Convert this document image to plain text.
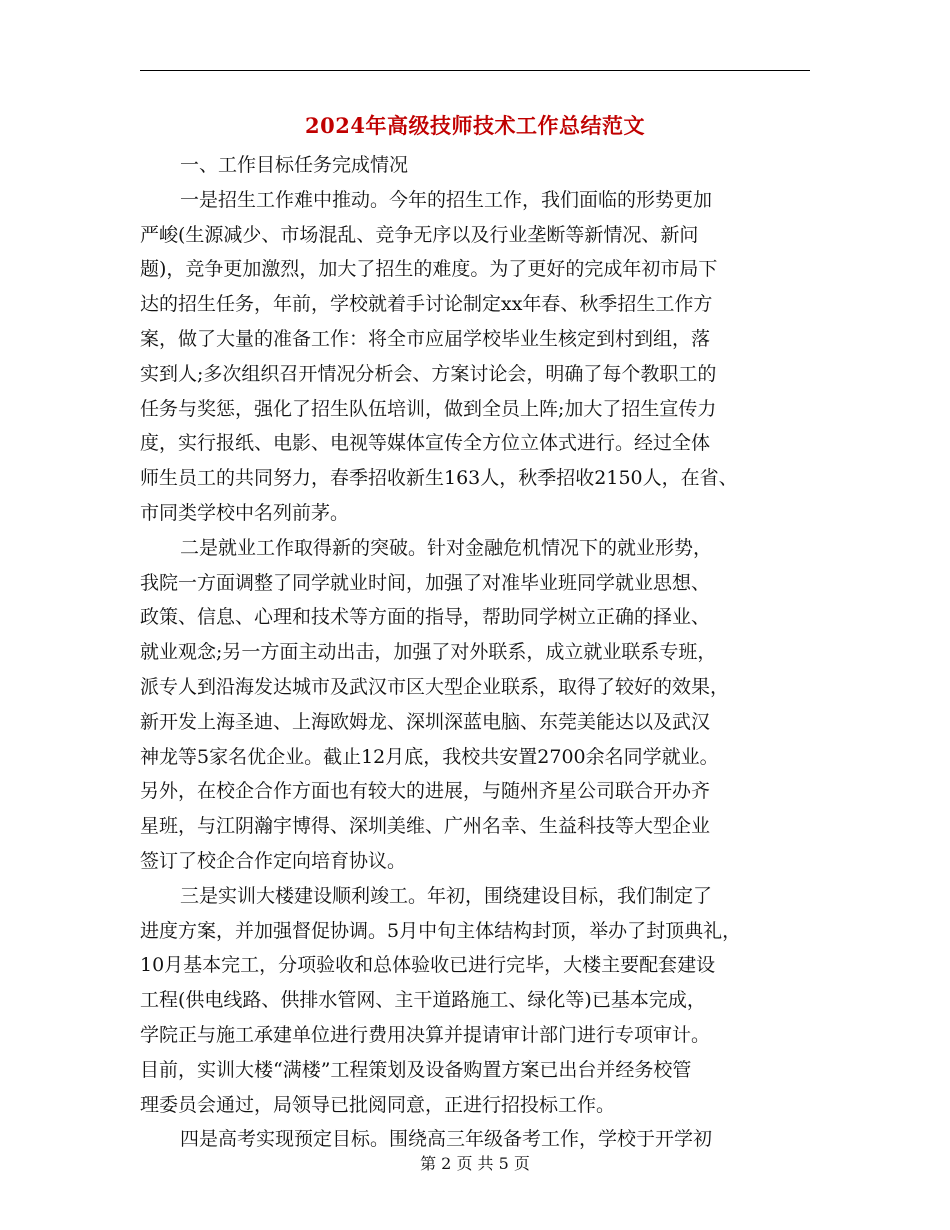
2024年高级技师技术工作总结范文
一、工作目标任务完成情况
一是招生工作难中推动。今年的招生工作，我们面临的形势更加
严峻(生源减少、市场混乱、竞争无序以及行业垄断等新情况、新问
题)，竞争更加激烈，加大了招生的难度。为了更好的完成年初市局下
达的招生任务，年前，学校就着手讨论制定xx年春、秋季招生工作方
案，做了大量的准备工作：将全市应届学校毕业生核定到村到组，落
实到人;多次组织召开情况分析会、方案讨论会，明确了每个教职工的
任务与奖惩，强化了招生队伍培训，做到全员上阵;加大了招生宣传力
度，实行报纸、电影、电视等媒体宣传全方位立体式进行。经过全体
师生员工的共同努力，春季招收新生163人，秋季招收2150人，在省、
市同类学校中名列前茅。
二是就业工作取得新的突破。针对金融危机情况下的就业形势，
我院一方面调整了同学就业时间，加强了对准毕业班同学就业思想、
政策、信息、心理和技术等方面的指导，帮助同学树立正确的择业、
就业观念;另一方面主动出击，加强了对外联系，成立就业联系专班，
派专人到沿海发达城市及武汉市区大型企业联系，取得了较好的效果，
新开发上海圣迪、上海欧姆龙、深圳深蓝电脑、东莞美能达以及武汉
神龙等5家名优企业。截止12月底，我校共安置2700余名同学就业。
另外，在校企合作方面也有较大的进展，与随州齐星公司联合开办齐
星班，与江阴瀚宇博得、深圳美维、广州名幸、生益科技等大型企业
签订了校企合作定向培育协议。
三是实训大楼建设顺利竣工。年初，围绕建设目标，我们制定了
进度方案，并加强督促协调。5月中旬主体结构封顶，举办了封顶典礼，
10月基本完工，分项验收和总体验收已进行完毕，大楼主要配套建设
工程(供电线路、供排水管网、主干道路施工、绿化等)已基本完成，
学院正与施工承建单位进行费用决算并提请审计部门进行专项审计。
目前，实训大楼“满楼”工程策划及设备购置方案已出台并经务校管
理委员会通过，局领导已批阅同意，正进行招投标工作。
四是高考实现预定目标。围绕高三年级备考工作，学校于开学初
第 2 页 共 5 页
